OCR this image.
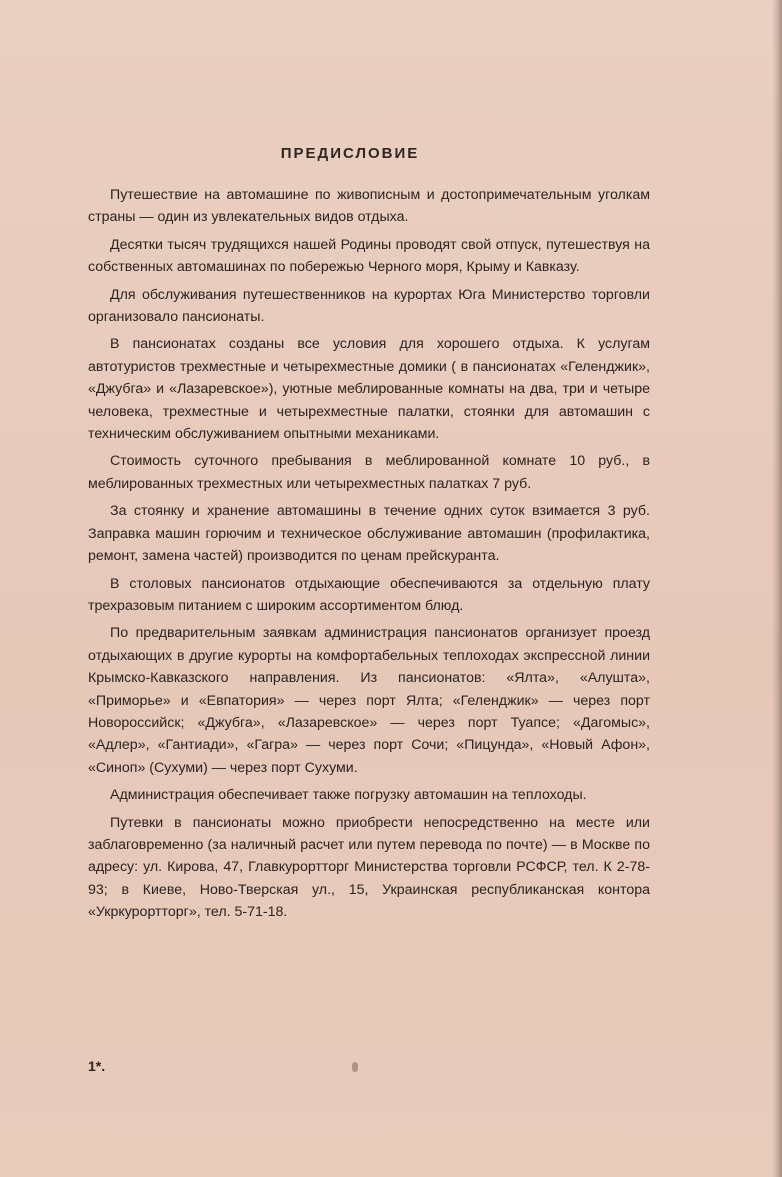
ПРЕДИСЛОВИЕ

Путешествие на автомашине по живописным и достопримечательным уголкам страны — один из увлекательных видов отдыха.

Десятки тысяч трудящихся нашей Родины проводят свой отпуск, путешествуя на собственных автомашинах по побережью Черного моря, Крыму и Кавказу.

Для обслуживания путешественников на курортах Юга Министерство торговли организовало пансионаты.

В пансионатах созданы все условия для хорошего отдыха. К услугам автотуристов трехместные и четырехместные домики ( в пансионатах «Геленджик», «Джубга» и «Лазаревское»), уютные меблированные комнаты на два, три и четыре человека, трехместные и четырехместные палатки, стоянки для автомашин с техническим обслуживанием опытными механиками.

Стоимость суточного пребывания в меблированной комнате 10 руб., в меблированных трехместных или четырехместных палатках 7 руб.

За стоянку и хранение автомашины в течение одних суток взимается 3 руб. Заправка машин горючим и техническое обслуживание автомашин (профилактика, ремонт, замена частей) производится по ценам прейскуранта.

В столовых пансионатов отдыхающие обеспечиваются за отдельную плату трехразовым питанием с широким ассортиментом блюд.

По предварительным заявкам администрация пансионатов организует проезд отдыхающих в другие курорты на комфортабельных теплоходах экспрессной линии Крымско-Кавказского направления. Из пансионатов: «Ялта», «Алушта», «Приморье» и «Евпатория» — через порт Ялта; «Геленджик» — через порт Новороссийск; «Джубга», «Лазаревское» — через порт Туапсе; «Дагомыс», «Адлер», «Гантиади», «Гагра» — через порт Сочи; «Пицунда», «Новый Афон», «Синоп» (Сухуми) — через порт Сухуми.

Администрация обеспечивает также погрузку автомашин на теплоходы.

Путевки в пансионаты можно приобрести непосредственно на месте или заблаговременно (за наличный расчет или путем перевода по почте) — в Москве по адресу: ул. Кирова, 47, Главкурортторг Министерства торговли РСФСР, тел. К 2-78-93; в Киеве, Ново-Тверская ул., 15, Украинская республиканская контора «Укркурортторг», тел. 5-71-18.

1*.
